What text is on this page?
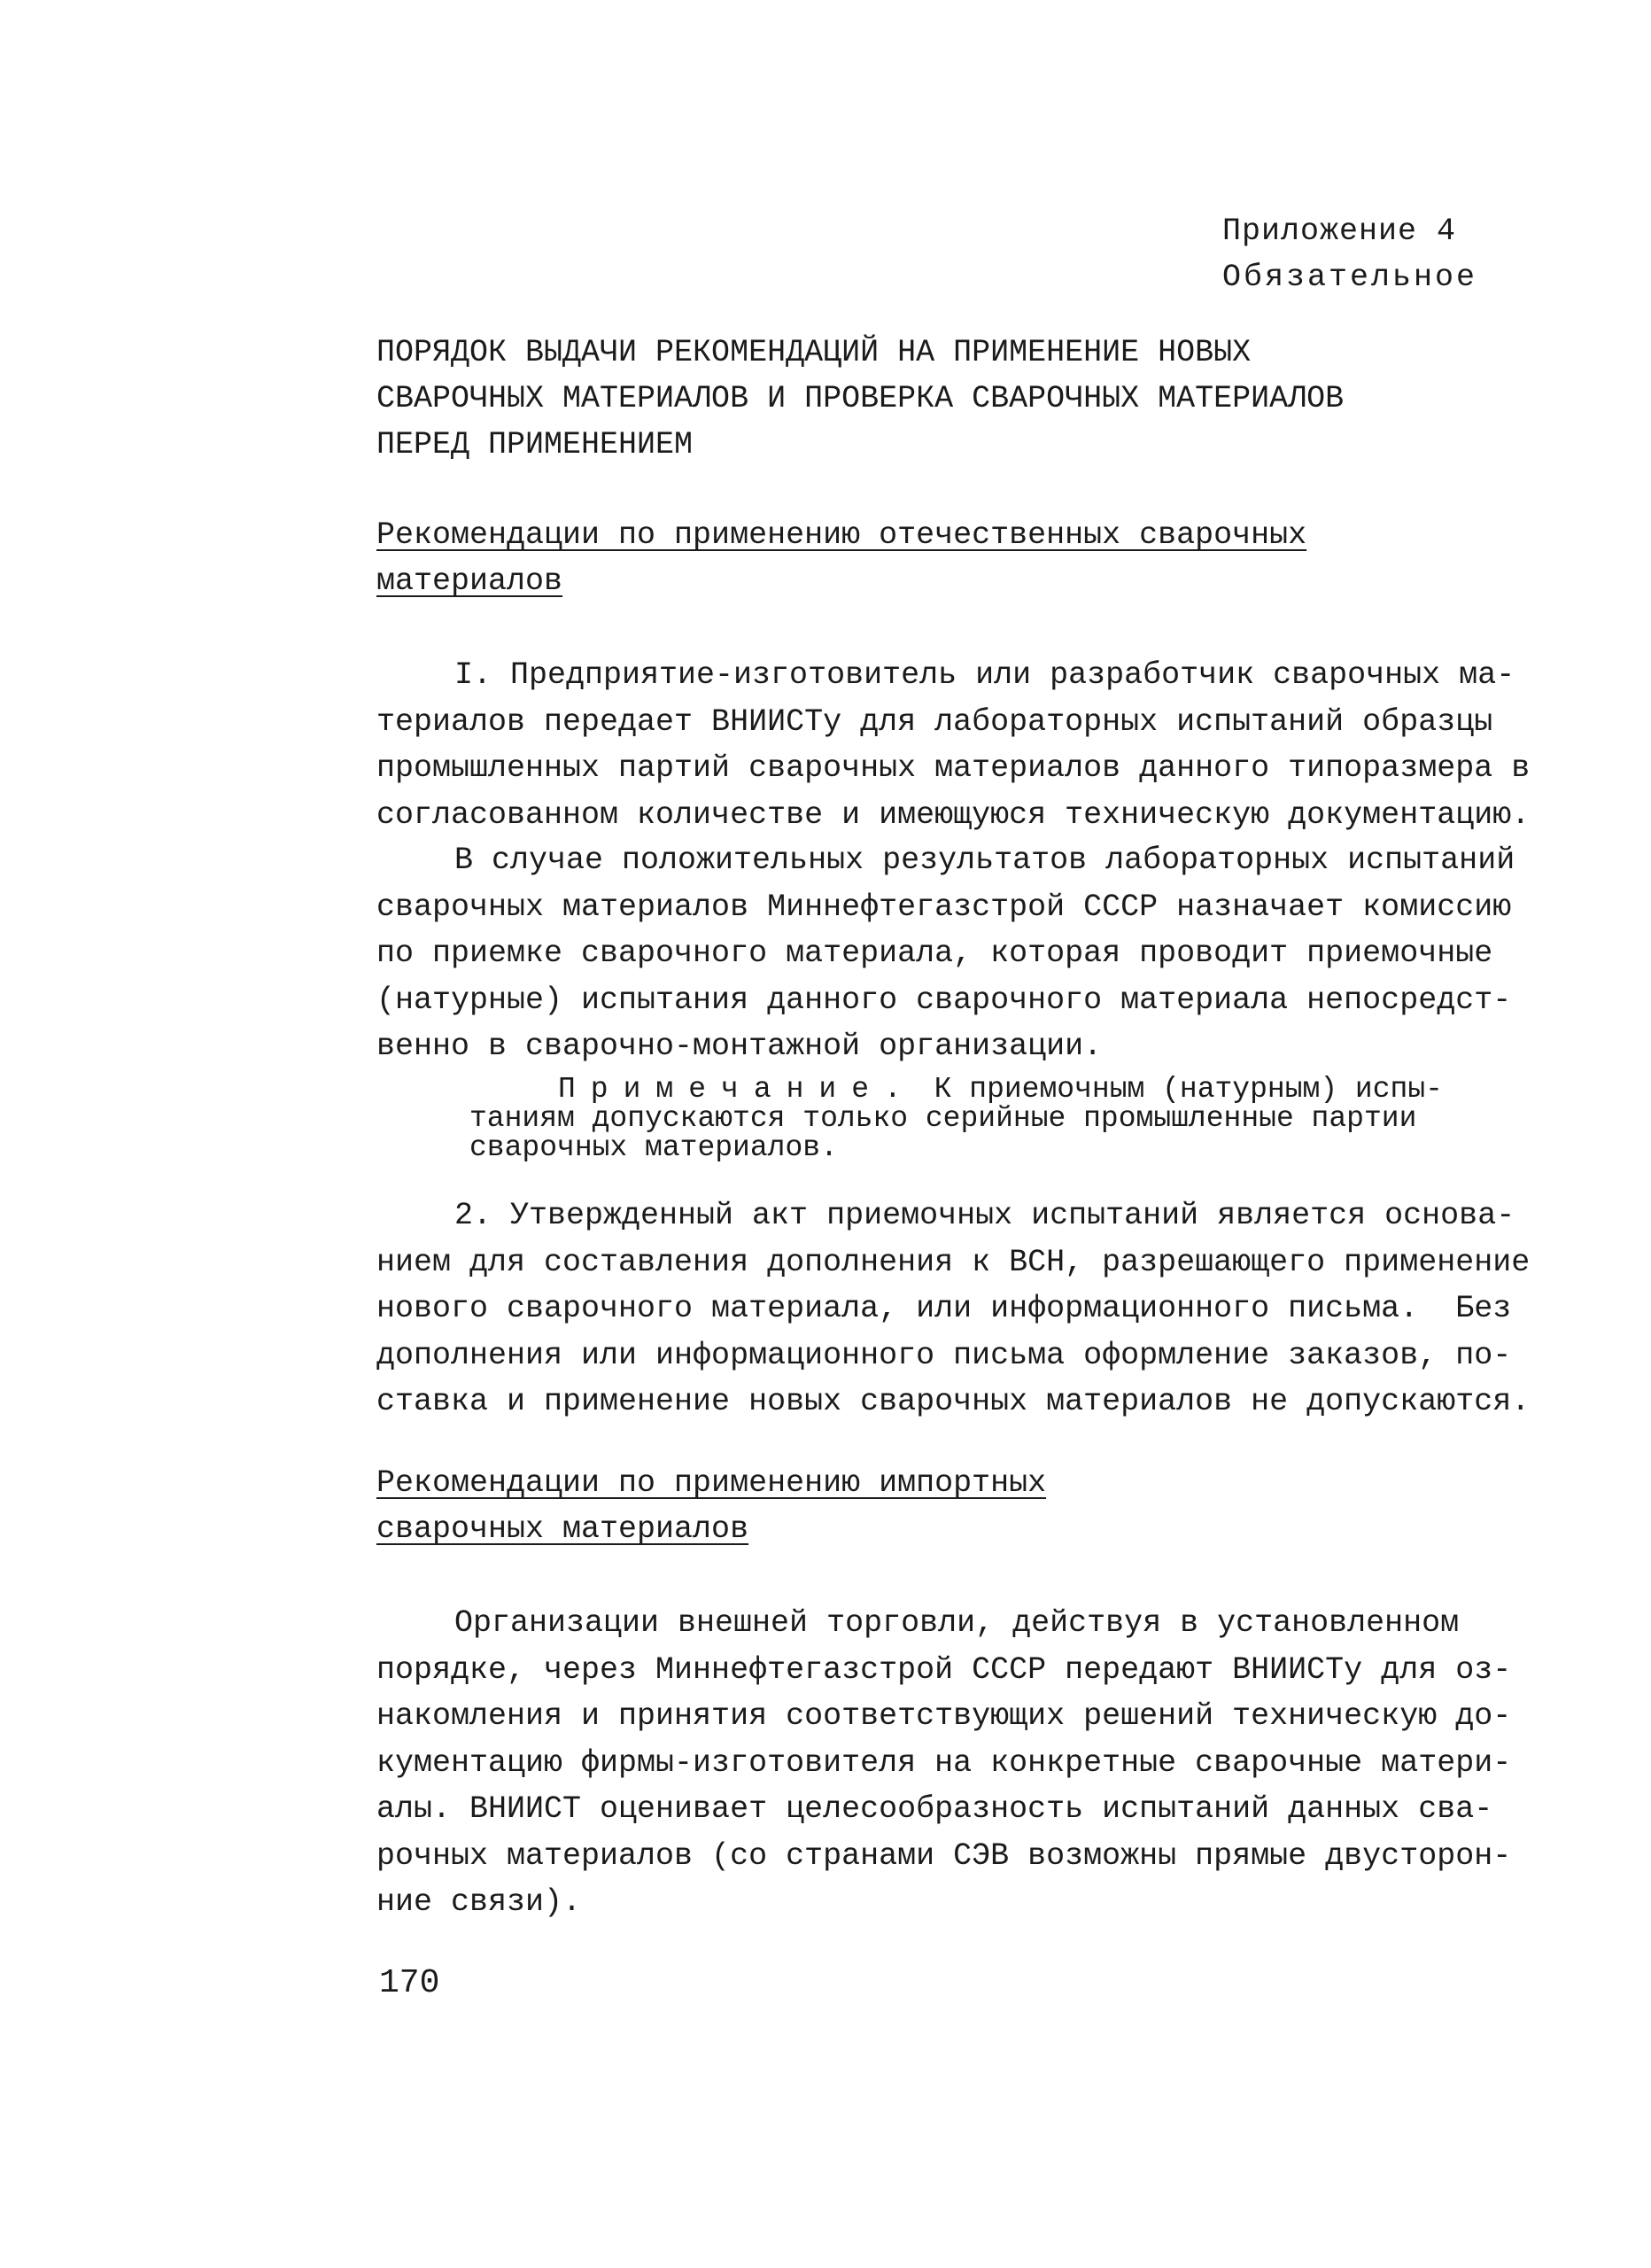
Приложение 4
Обязательное
ПОРЯДОК ВЫДАЧИ РЕКОМЕНДАЦИЙ НА ПРИМЕНЕНИЕ НОВЫХ
СВАРОЧНЫХ МАТЕРИАЛОВ И ПРОВЕРКА СВАРОЧНЫХ МАТЕРИАЛОВ
ПЕРЕД ПРИМЕНЕНИЕМ
Рекомендации по применению отечественных сварочных
материалов
I. Предприятие-изготовитель или разработчик сварочных ма-
териалов передает ВНИИСТу для лабораторных испытаний образцы
промышленных партий сварочных материалов данного типоразмера в
согласованном количестве и имеющуюся техническую документацию.
В случае положительных результатов лабораторных испытаний
сварочных материалов Миннефтегазстрой СССР назначает комиссию
по приемке сварочного материала, которая проводит приемочные
(натурные) испытания данного сварочного материала непосредст-
венно в сварочно-монтажной организации.
Примечание. К приемочным (натурным) испы-
таниям допускаются только серийные промышленные партии
сварочных материалов.
2. Утвержденный акт приемочных испытаний является основа-
нием для составления дополнения к ВСН, разрешающего применение
нового сварочного материала, или информационного письма.  Без
дополнения или информационного письма оформление заказов, по-
ставка и применение новых сварочных материалов не допускаются.
Рекомендации по применению импортных
сварочных материалов
Организации внешней торговли, действуя в установленном
порядке, через Миннефтегазстрой СССР передают ВНИИСТу для оз-
накомления и принятия соответствующих решений техническую до-
кументацию фирмы-изготовителя на конкретные сварочные матери-
алы. ВНИИСТ оценивает целесообразность испытаний данных сва-
рочных материалов (со странами СЭВ возможны прямые двусторон-
ние связи).
170
